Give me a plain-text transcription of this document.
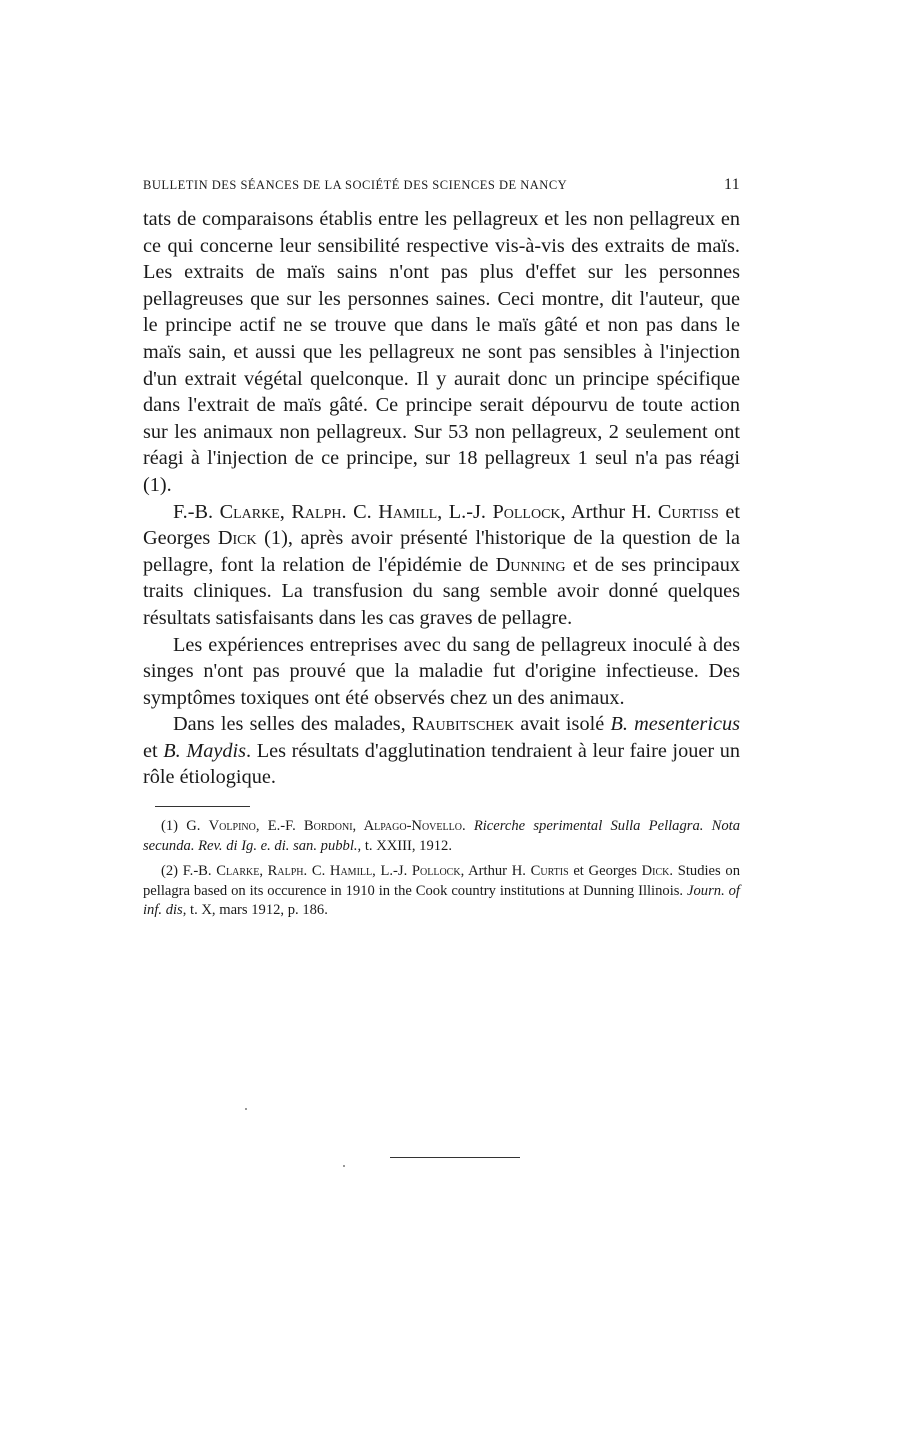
BULLETIN DES SÉANCES DE LA SOCIÉTÉ DES SCIENCES DE NANCY	11

tats de comparaisons établis entre les pellagreux et les non pellagreux en ce qui concerne leur sensibilité respective vis-à-vis des extraits de maïs. Les extraits de maïs sains n'ont pas plus d'effet sur les personnes pellagreuses que sur les personnes saines. Ceci montre, dit l'auteur, que le principe actif ne se trouve que dans le maïs gâté et non pas dans le maïs sain, et aussi que les pellagreux ne sont pas sensibles à l'injection d'un extrait végétal quelconque. Il y aurait donc un principe spécifique dans l'extrait de maïs gâté. Ce principe serait dépourvu de toute action sur les animaux non pellagreux. Sur 53 non pellagreux, 2 seulement ont réagi à l'injection de ce principe, sur 18 pellagreux 1 seul n'a pas réagi (1).

F.-B. Clarke, Ralph. C. Hamill, L.-J. Pollock, Arthur H. Curtiss et Georges Dick (1), après avoir présenté l'historique de la question de la pellagre, font la relation de l'épidémie de Dunning et de ses principaux traits cliniques. La transfusion du sang semble avoir donné quelques résultats satisfaisants dans les cas graves de pellagre.

Les expériences entreprises avec du sang de pellagreux inoculé à des singes n'ont pas prouvé que la maladie fut d'origine infectieuse. Des symptômes toxiques ont été observés chez un des animaux.

Dans les selles des malades, Raubitschek avait isolé B. mesentericus et B. Maydis. Les résultats d'agglutination tendraient à leur faire jouer un rôle étiologique.

(1) G. Volpino, E.-F. Bordoni, Alpago-Novello. Ricerche sperimental Sulla Pellagra. Nota secunda. Rev. di Ig. e. di. san. pubbl., t. XXIII, 1912.

(2) F.-B. Clarke, Ralph. C. Hamill, L.-J. Pollock, Arthur H. Curtis et Georges Dick. Studies on pellagra based on its occurence in 1910 in the Cook country institutions at Dunning Illinois. Journ. of inf. dis, t. X, mars 1912, p. 186.
